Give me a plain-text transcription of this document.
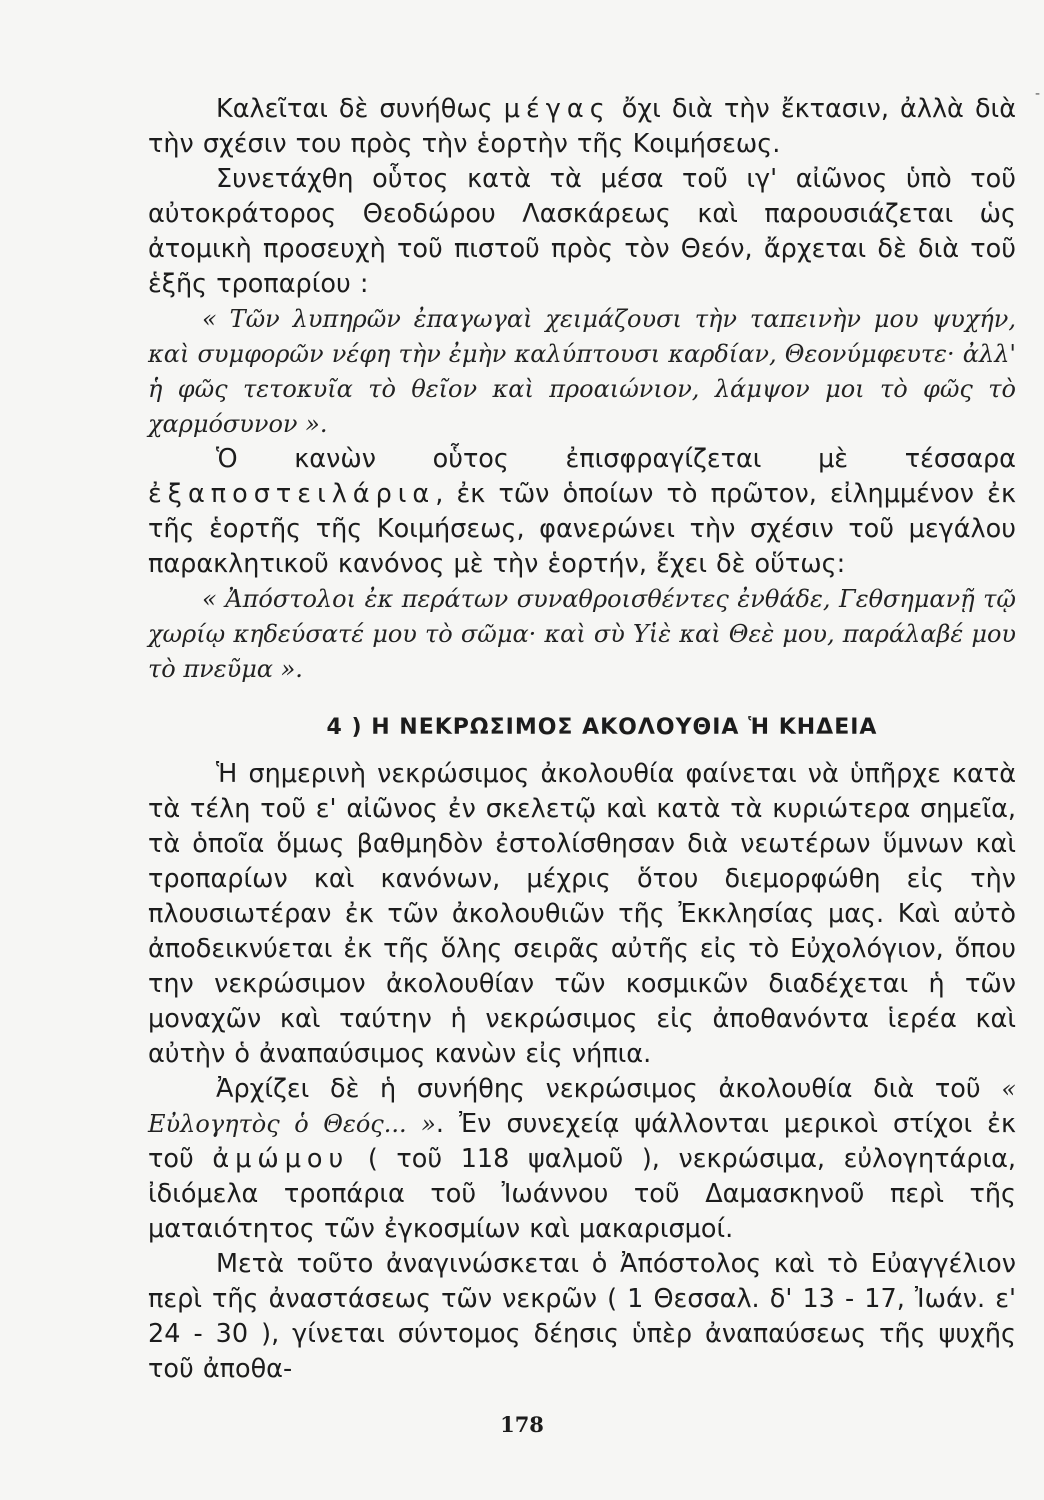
-

Καλεῖται δὲ συνήθως μέγας ὄχι διὰ τὴν ἔκτασιν, ἀλλὰ διὰ τὴν σχέσιν του πρὸς τὴν ἑορτὴν τῆς Κοιμήσεως.

Συνετάχθη οὗτος κατὰ τὰ μέσα τοῦ ιγ' αἰῶνος ὑπὸ τοῦ αὐτοκράτορος Θεοδώρου Λασκάρεως καὶ παρουσιάζεται ὡς ἀτομικὴ προσευχὴ τοῦ πιστοῦ πρὸς τὸν Θεόν, ἄρχεται δὲ διὰ τοῦ ἑξῆς τροπαρίου :

« Τῶν λυπηρῶν ἐπαγωγαὶ χειμάζουσι τὴν ταπεινὴν μου ψυχήν, καὶ συμφορῶν νέφη τὴν ἐμὴν καλύπτουσι καρδίαν, Θεονύμφευτε· ἀλλ' ἡ φῶς τετοκυῖα τὸ θεῖον καὶ προαιώνιον, λάμψον μοι τὸ φῶς τὸ χαρμόσυνον ».

Ὁ κανὼν οὗτος ἐπισφραγίζεται μὲ τέσσαρα ἐξαποστειλάρια, ἐκ τῶν ὁποίων τὸ πρῶτον, εἰλημμένον ἐκ τῆς ἑορτῆς τῆς Κοιμήσεως, φανερώνει τὴν σχέσιν τοῦ μεγάλου παρακλητικοῦ κανόνος μὲ τὴν ἑορτήν, ἔχει δὲ οὕτως:

« Ἀπόστολοι ἐκ περάτων συναθροισθέντες ἐνθάδε, Γεθσημανῇ τῷ χωρίῳ κηδεύσατέ μου τὸ σῶμα· καὶ σὺ Υἱὲ καὶ Θεὲ μου, παράλαβέ μου τὸ πνεῦμα ».

4 ) Η ΝΕΚΡΩΣΙΜΟΣ ΑΚΟΛΟΥΘΙΑ Ἡ ΚΗΔΕΙΑ

Ἡ σημερινὴ νεκρώσιμος ἀκολουθία φαίνεται νὰ ὑπῆρχε κατὰ τὰ τέλη τοῦ ε' αἰῶνος ἐν σκελετῷ καὶ κατὰ τὰ κυριώτερα σημεῖα, τὰ ὁποῖα ὅμως βαθμηδὸν ἐστολίσθησαν διὰ νεωτέρων ὕμνων καὶ τροπαρίων καὶ κανόνων, μέχρις ὅτου διεμορφώθη εἰς τὴν πλουσιωτέραν ἐκ τῶν ἀκολουθιῶν τῆς Ἐκκλησίας μας. Καὶ αὐτὸ ἀποδεικνύεται ἐκ τῆς ὅλης σειρᾶς αὐτῆς εἰς τὸ Εὐχολόγιον, ὅπου την νεκρώσιμον ἀκολουθίαν τῶν κοσμικῶν διαδέχεται ἡ τῶν μοναχῶν καὶ ταύτην ἡ νεκρώσιμος εἰς ἀποθανόντα ἱερέα καὶ αὐτὴν ὁ ἀναπαύσιμος κανὼν εἰς νήπια.

Ἀρχίζει δὲ ἡ συνήθης νεκρώσιμος ἀκολουθία διὰ τοῦ « Εὐλογητὸς ὁ Θεός... ». Ἐν συνεχείᾳ ψάλλονται μερικοὶ στίχοι ἐκ τοῦ ἀμώμου ( τοῦ 118 ψαλμοῦ ), νεκρώσιμα, εὐλογητάρια, ἰδιόμελα τροπάρια τοῦ Ἰωάννου τοῦ Δαμασκηνοῦ περὶ τῆς ματαιότητος τῶν ἐγκοσμίων καὶ μακαρισμοί.

Μετὰ τοῦτο ἀναγινώσκεται ὁ Ἀπόστολος καὶ τὸ Εὐαγγέλιον περὶ τῆς ἀναστάσεως τῶν νεκρῶν ( 1 Θεσσαλ. δ' 13 - 17, Ἰωάν. ε' 24 - 30 ), γίνεται σύντομος δέησις ὑπὲρ ἀναπαύσεως τῆς ψυχῆς τοῦ ἀποθα-

178
